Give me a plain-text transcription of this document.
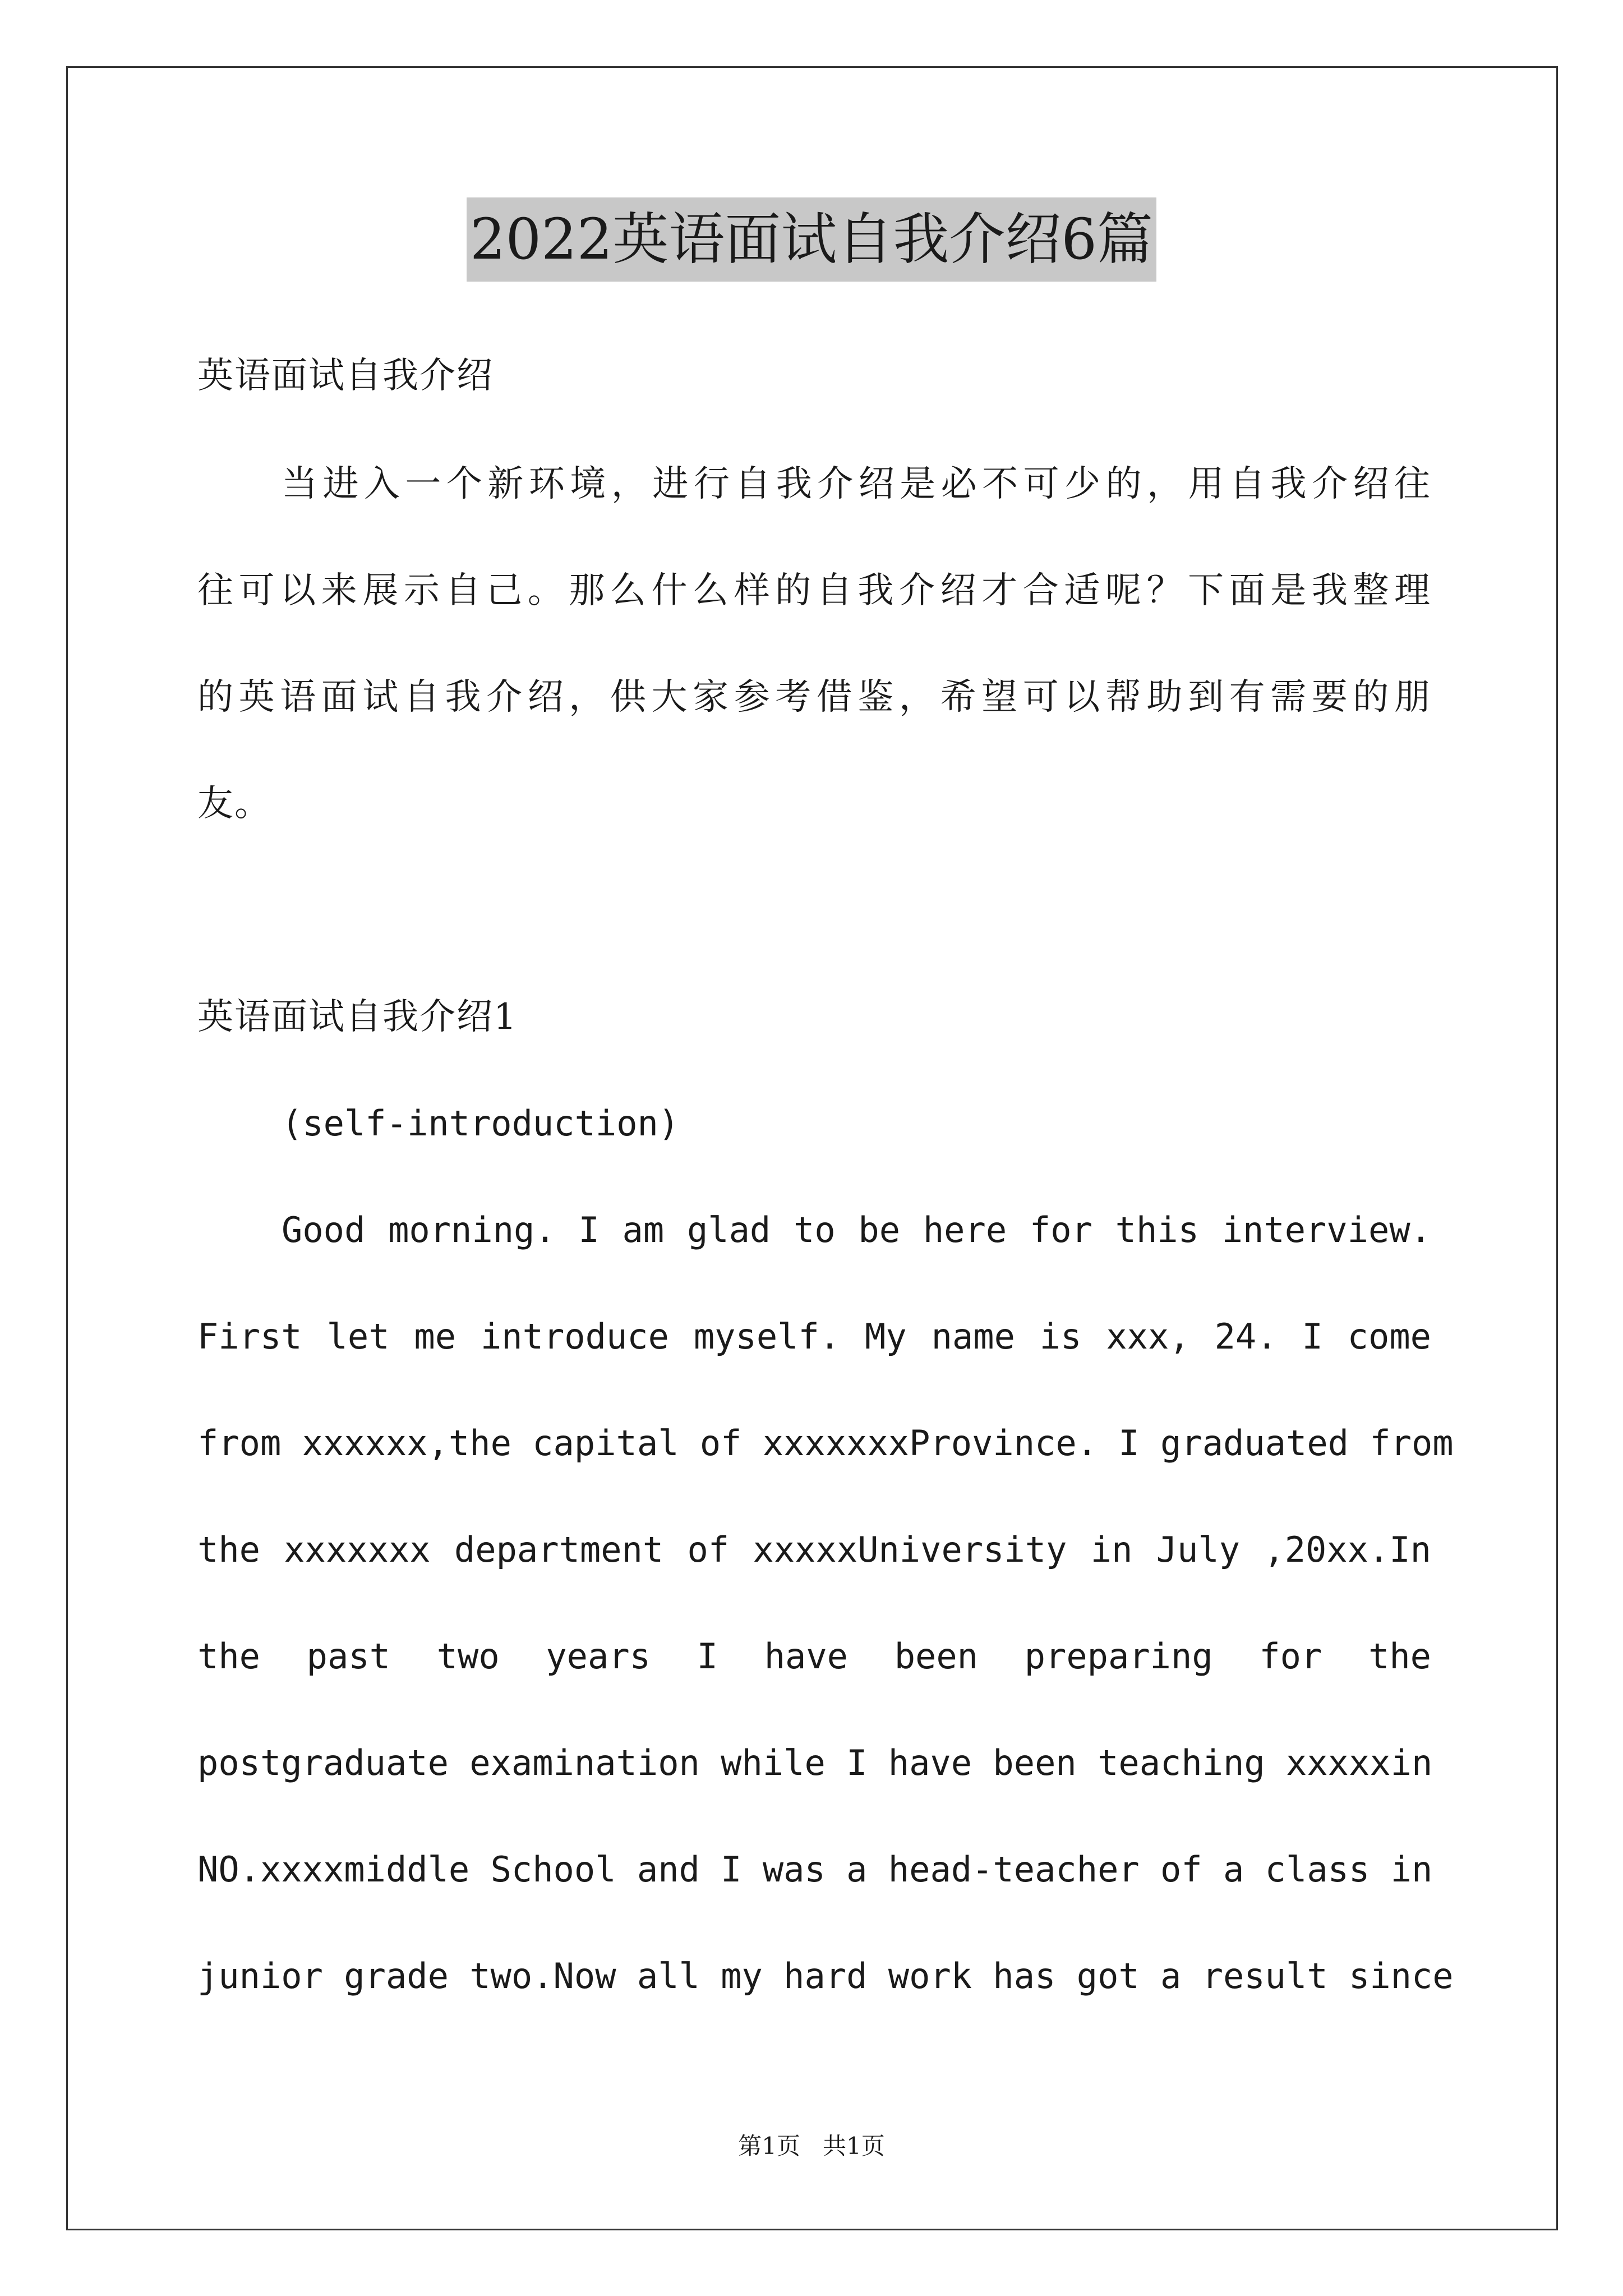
2022英语面试自我介绍6篇
英语面试自我介绍
当进入一个新环境，进行自我介绍是必不可少的，用自我介绍往
往可以来展示自己。那么什么样的自我介绍才合适呢？下面是我整理
的英语面试自我介绍，供大家参考借鉴，希望可以帮助到有需要的朋
友。
英语面试自我介绍1
(self-introduction)
Good morning. I am glad to be here for this interview.
First let me introduce myself. My name is xxx, 24. I come
from xxxxxx,the capital of xxxxxxxProvince. I graduated from
the xxxxxxx department of xxxxxUniversity in July ,20xx.In
the past two years I have been preparing for the
postgraduate examination while I have been teaching xxxxxin
NO.xxxxmiddle School and I was a head-teacher of a class in
junior grade two.Now all my hard work has got a result since
第1页 共1页
